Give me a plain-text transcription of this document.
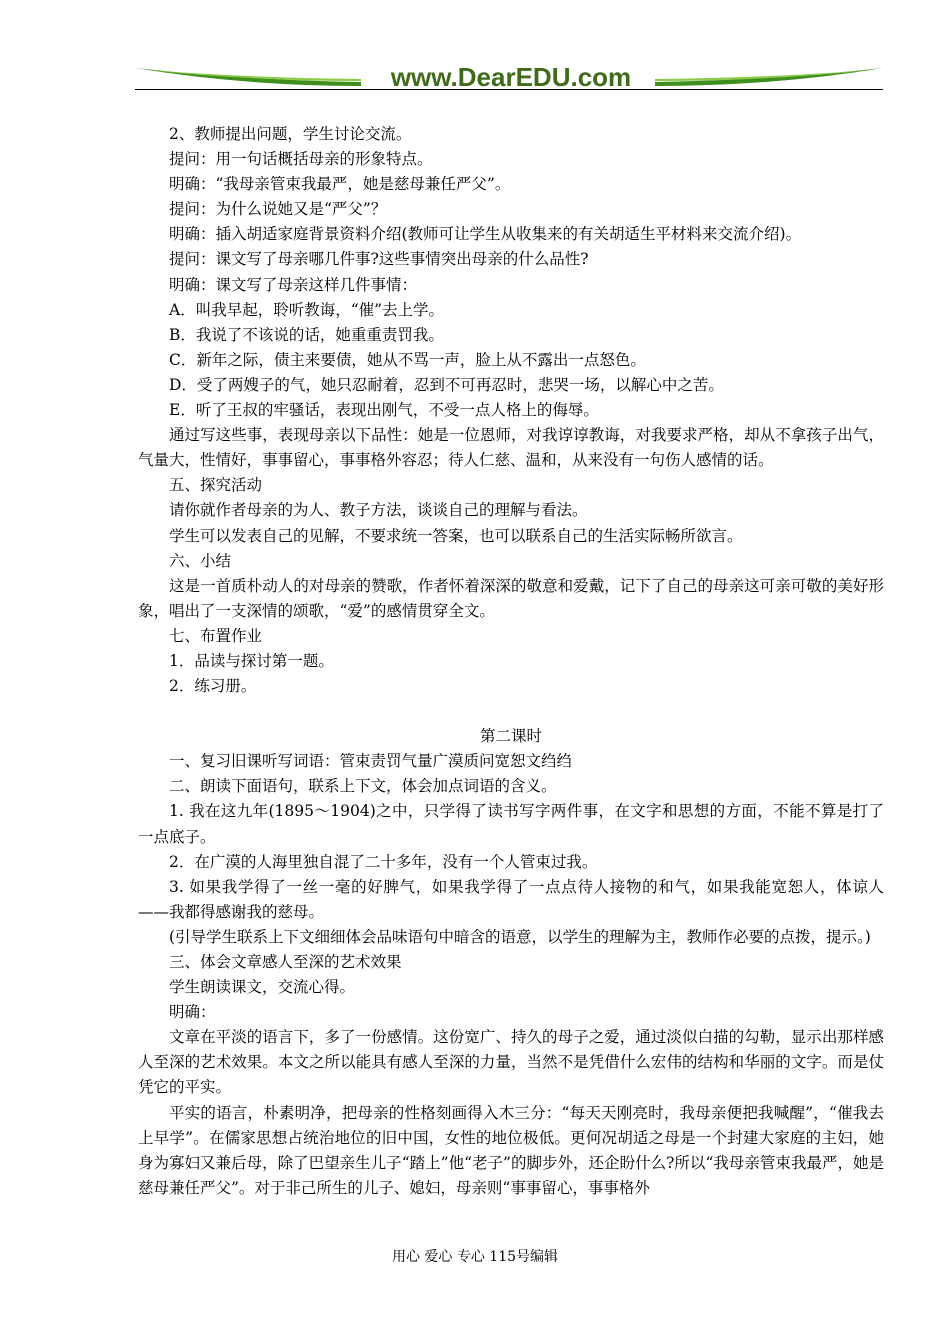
www.DearEDU.com

2、教师提出问题，学生讨论交流。

提问：用一句话概括母亲的形象特点。

明确：“我母亲管束我最严，她是慈母兼任严父”。

提问：为什么说她又是“严父”？

明确：插入胡适家庭背景资料介绍(教师可让学生从收集来的有关胡适生平材料来交流介绍)。

提问：课文写了母亲哪几件事?这些事情突出母亲的什么品性?

明确：课文写了母亲这样几件事情：

A．叫我早起，聆听教诲，“催”去上学。

B．我说了不该说的话，她重重责罚我。

C．新年之际，债主来要债，她从不骂一声，脸上从不露出一点怒色。

D．受了两嫂子的气，她只忍耐着，忍到不可再忍时，悲哭一场，以解心中之苦。

E．听了王叔的牢骚话，表现出刚气，不受一点人格上的侮辱。

通过写这些事，表现母亲以下品性：她是一位恩师，对我谆谆教诲，对我要求严格，却从不拿孩子出气，气量大，性情好，事事留心，事事格外容忍；待人仁慈、温和，从来没有一句伤人感情的话。

五、探究活动

请你就作者母亲的为人、教子方法，谈谈自己的理解与看法。

学生可以发表自己的见解，不要求统一答案，也可以联系自己的生活实际畅所欲言。

六、小结

这是一首质朴动人的对母亲的赞歌，作者怀着深深的敬意和爱戴，记下了自己的母亲这可亲可敬的美好形象，唱出了一支深情的颂歌，“爱”的感情贯穿全文。

七、布置作业

1．品读与探讨第一题。

2．练习册。

第二课时

一、复习旧课听写词语：管束责罚气量广漠质问宽恕文绉绉

二、朗读下面语句，联系上下文，体会加点词语的含义。

1. 我在这九年(1895～1904)之中，只学得了读书写字两件事，在文字和思想的方面，不能不算是打了一点底子。

2．在广漠的人海里独自混了二十多年，没有一个人管束过我。

3. 如果我学得了一丝一毫的好脾气，如果我学得了一点点待人接物的和气，如果我能宽恕人，体谅人——我都得感谢我的慈母。

(引导学生联系上下文细细体会品味语句中暗含的语意，以学生的理解为主，教师作必要的点拨，提示。)

三、体会文章感人至深的艺术效果

学生朗读课文，交流心得。

明确：

文章在平淡的语言下，多了一份感情。这份宽广、持久的母子之爱，通过淡似白描的勾勒，显示出那样感人至深的艺术效果。本文之所以能具有感人至深的力量，当然不是凭借什么宏伟的结构和华丽的文字。而是仗凭它的平实。

平实的语言，朴素明净，把母亲的性格刻画得入木三分：“每天天刚亮时，我母亲便把我喊醒”，“催我去上早学”。在儒家思想占统治地位的旧中国，女性的地位极低。更何况胡适之母是一个封建大家庭的主妇，她身为寡妇又兼后母，除了巴望亲生儿子“踏上”他“老子”的脚步外，还企盼什么?所以“我母亲管束我最严，她是慈母兼任严父”。对于非己所生的儿子、媳妇，母亲则“事事留心，事事格外

用心 爱心 专心 115号编辑
